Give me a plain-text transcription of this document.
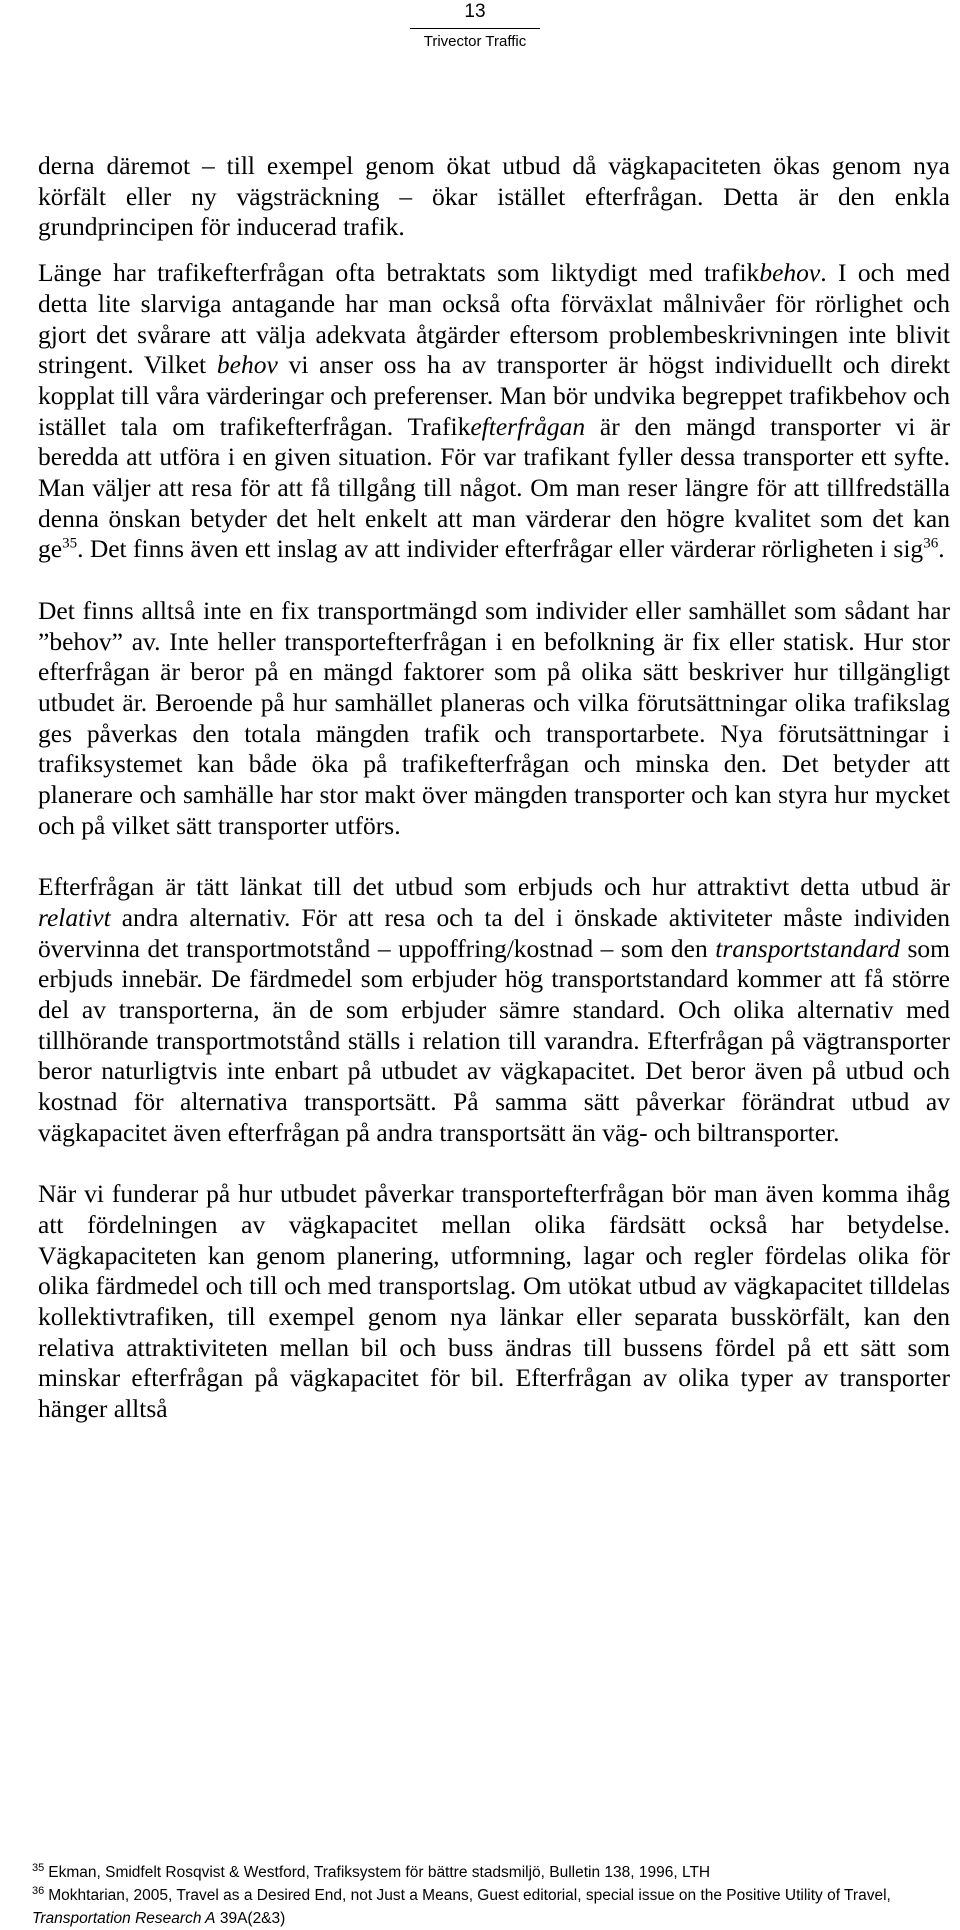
13
Trivector Traffic

derna däremot – till exempel genom ökat utbud då vägkapaciteten ökas genom nya körfält eller ny vägsträckning – ökar istället efterfrågan. Detta är den enkla grundprincipen för inducerad trafik.

Länge har trafikefterfrågan ofta betraktats som liktydigt med trafikbehov. I och med detta lite slarviga antagande har man också ofta förväxlat målnivåer för rörlighet och gjort det svårare att välja adekvata åtgärder eftersom problembeskrivningen inte blivit stringent. Vilket behov vi anser oss ha av transporter är högst individuellt och direkt kopplat till våra värderingar och preferenser. Man bör undvika begreppet trafikbehov och istället tala om trafikefterfrågan. Trafikefterfrågan är den mängd transporter vi är beredda att utföra i en given situation. För var trafikant fyller dessa transporter ett syfte. Man väljer att resa för att få tillgång till något. Om man reser längre för att tillfredställa denna önskan betyder det helt enkelt att man värderar den högre kvalitet som det kan $ge^{35}$. Det finns även ett inslag av att individer efterfrågar eller värderar rörligheten i sig$^{36}$.

Det finns alltså inte en fix transportmängd som individer eller samhället som sådant har ”behov” av. Inte heller transportefterfrågan i en befolkning är fix eller statisk. Hur stor efterfrågan är beror på en mängd faktorer som på olika sätt beskriver hur tillgängligt utbudet är. Beroende på hur samhället planeras och vilka förutsättningar olika trafikslag ges påverkas den totala mängden trafik och transportarbete. Nya förutsättningar i trafiksystemet kan både öka på trafikefterfrågan och minska den. Det betyder att planerare och samhälle har stor makt över mängden transporter och kan styra hur mycket och på vilket sätt transporter utförs.

Efterfrågan är tätt länkat till det utbud som erbjuds och hur attraktivt detta utbud är relativt andra alternativ. För att resa och ta del i önskade aktiviteter måste individen övervinna det transportmotstånd – uppoffring/kostnad – som den transportstandard som erbjuds innebär. De färdmedel som erbjuder hög transportstandard kommer att få större del av transporterna, än de som erbjuder sämre standard. Och olika alternativ med tillhörande transportmotstånd ställs i relation till varandra. Efterfrågan på vägtransporter beror naturligtvis inte enbart på utbudet av vägkapacitet. Det beror även på utbud och kostnad för alternativa transportsätt. På samma sätt påverkar förändrat utbud av vägkapacitet även efterfrågan på andra transportsätt än väg- och biltransporter.

När vi funderar på hur utbudet påverkar transportefterfrågan bör man även komma ihåg att fördelningen av vägkapacitet mellan olika färdsätt också har betydelse. Vägkapaciteten kan genom planering, utformning, lagar och regler fördelas olika för olika färdmedel och till och med transportslag. Om utökat utbud av vägkapacitet tilldelas kollektivtrafiken, till exempel genom nya länkar eller separata busskörfält, kan den relativa attraktiviteten mellan bil och buss ändras till bussens fördel på ett sätt som minskar efterfrågan på vägkapacitet för bil. Efterfrågan av olika typer av transporter hänger alltså

$^{35}$ Ekman, Smidfelt Rosqvist & Westford, Trafiksystem för bättre stadsmiljö, Bulletin 138, 1996, LTH

$^{36}$ Mokhtarian, 2005, Travel as a Desired End, not Just a Means, Guest editorial, special issue on the Positive Utility of Travel, Transportation Research A 39A(2&3)
